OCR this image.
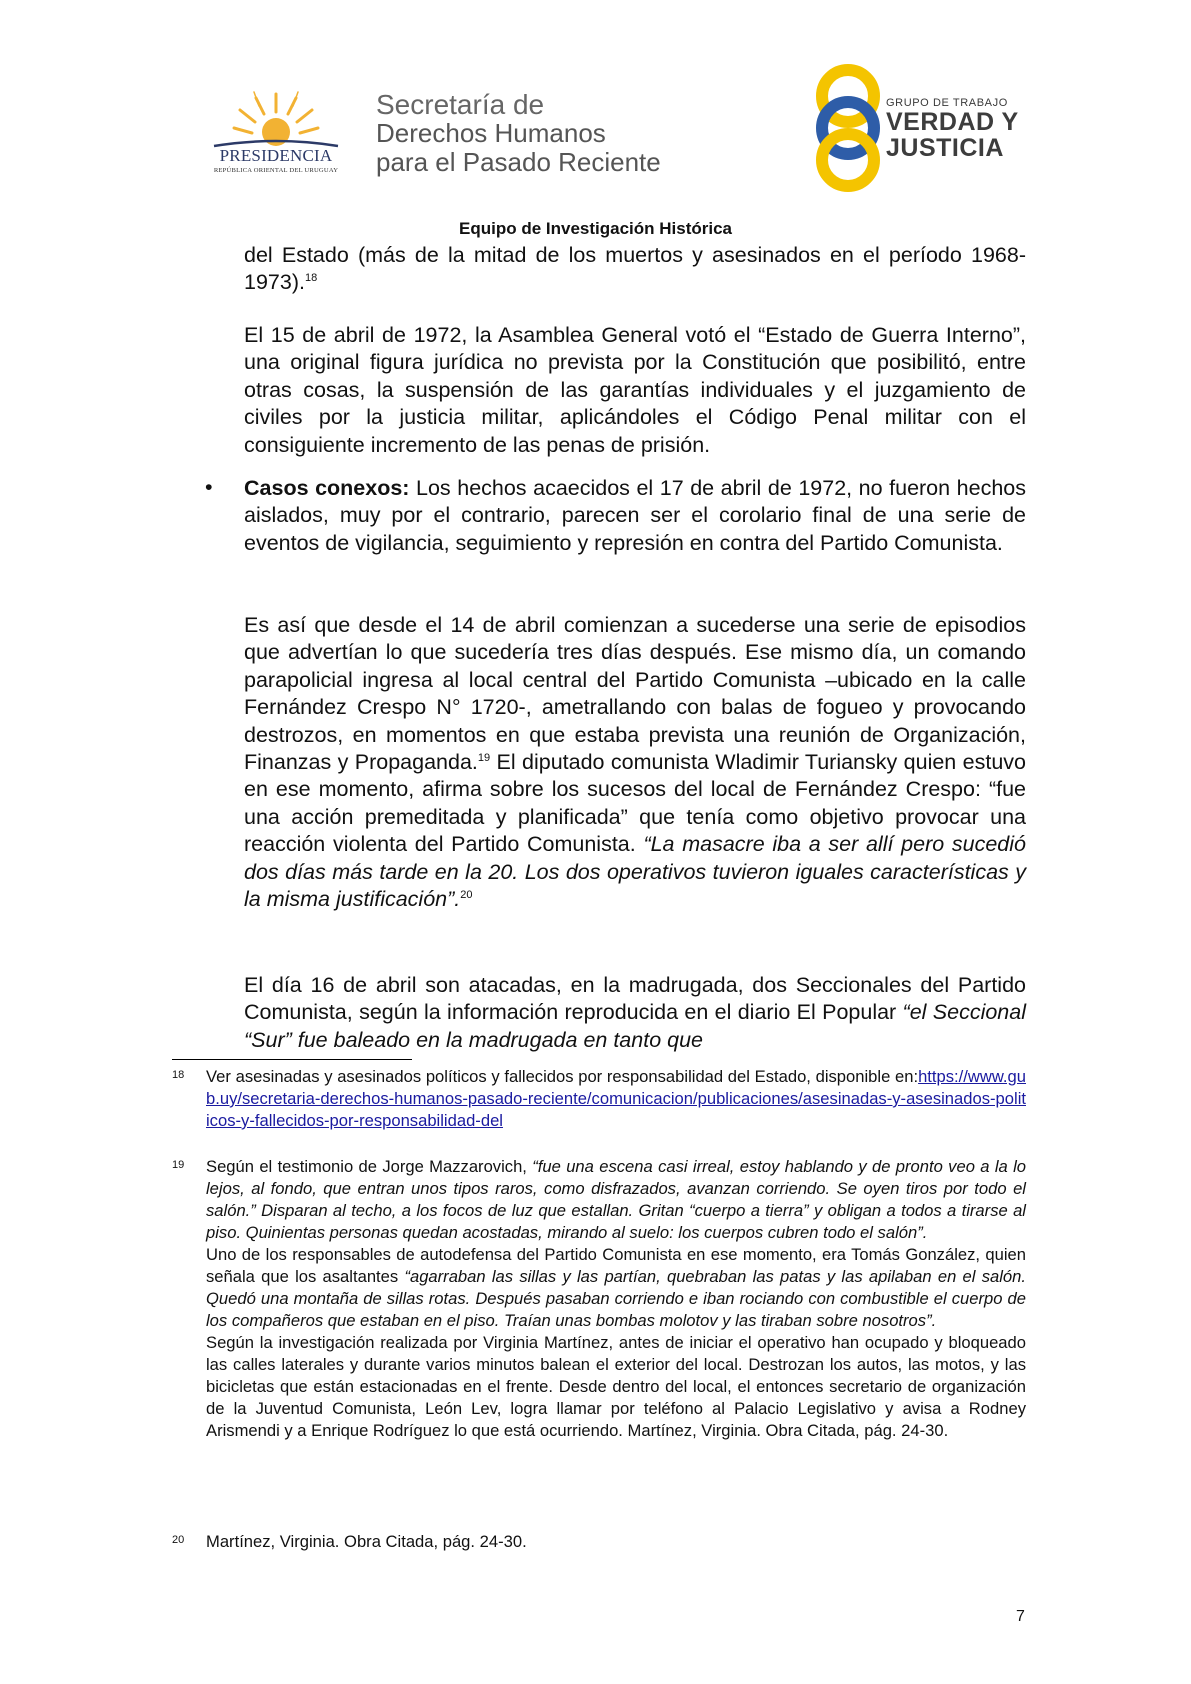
PRESIDENCIA
REPÚBLICA ORIENTAL DEL URUGUAY
Secretaría de
Derechos Humanos
para el Pasado Reciente
GRUPO DE TRABAJO
VERDAD Y
JUSTICIA
Equipo de Investigación Histórica

del Estado (más de la mitad de los muertos y asesinados en el período 1968-1973).$^{18}$

El 15 de abril de 1972, la Asamblea General votó el “Estado de Guerra Interno”, una original figura jurídica no prevista por la Constitución que posibilitó, entre otras cosas, la suspensión de las garantías individuales y el juzgamiento de civiles por la justicia militar, aplicándoles el Código Penal militar con el consiguiente incremento de las penas de prisión.

• Casos conexos: Los hechos acaecidos el 17 de abril de 1972, no fueron hechos aislados, muy por el contrario, parecen ser el corolario final de una serie de eventos de vigilancia, seguimiento y represión en contra del Partido Comunista.

Es así que desde el 14 de abril comienzan a sucederse una serie de episodios que advertían lo que sucedería tres días después. Ese mismo día, un comando parapolicial ingresa al local central del Partido Comunista –ubicado en la calle Fernández Crespo N° 1720-, ametrallando con balas de fogueo y provocando destrozos, en momentos en que estaba prevista una reunión de Organización, Finanzas y Propaganda.$^{19}$ El diputado comunista Wladimir Turiansky quien estuvo en ese momento, afirma sobre los sucesos del local de Fernández Crespo: “fue una acción premeditada y planificada” que tenía como objetivo provocar una reacción violenta del Partido Comunista. “La masacre iba a ser allí pero sucedió dos días más tarde en la 20. Los dos operativos tuvieron iguales características y la misma justificación”.$^{20}$

El día 16 de abril son atacadas, en la madrugada, dos Seccionales del Partido Comunista, según la información reproducida en el diario El Popular “el Seccional “Sur” fue baleado en la madrugada en tanto que

18 Ver asesinadas y asesinados políticos y fallecidos por responsabilidad del Estado, disponible en:https://www.gub.uy/secretaria-derechos-humanos-pasado-reciente/comunicacion/publicaciones/asesinadas-y-asesinados-politicos-y-fallecidos-por-responsabilidad-del
19 Según el testimonio de Jorge Mazzarovich, “fue una escena casi irreal, estoy hablando y de pronto veo a la lo lejos, al fondo, que entran unos tipos raros, como disfrazados, avanzan corriendo. Se oyen tiros por todo el salón.” Disparan al techo, a los focos de luz que estallan. Gritan “cuerpo a tierra” y obligan a todos a tirarse al piso. Quinientas personas quedan acostadas, mirando al suelo: los cuerpos cubren todo el salón”.
Uno de los responsables de autodefensa del Partido Comunista en ese momento, era Tomás González, quien señala que los asaltantes “agarraban las sillas y las partían, quebraban las patas y las apilaban en el salón. Quedó una montaña de sillas rotas. Después pasaban corriendo e iban rociando con combustible el cuerpo de los compañeros que estaban en el piso. Traían unas bombas molotov y las tiraban sobre nosotros”.
Según la investigación realizada por Virginia Martínez, antes de iniciar el operativo han ocupado y bloqueado las calles laterales y durante varios minutos balean el exterior del local. Destrozan los autos, las motos, y las bicicletas que están estacionadas en el frente. Desde dentro del local, el entonces secretario de organización de la Juventud Comunista, León Lev, logra llamar por teléfono al Palacio Legislativo y avisa a Rodney Arismendi y a Enrique Rodríguez lo que está ocurriendo. Martínez, Virginia. Obra Citada, pág. 24-30.
20 Martínez, Virginia. Obra Citada, pág. 24-30.
7
